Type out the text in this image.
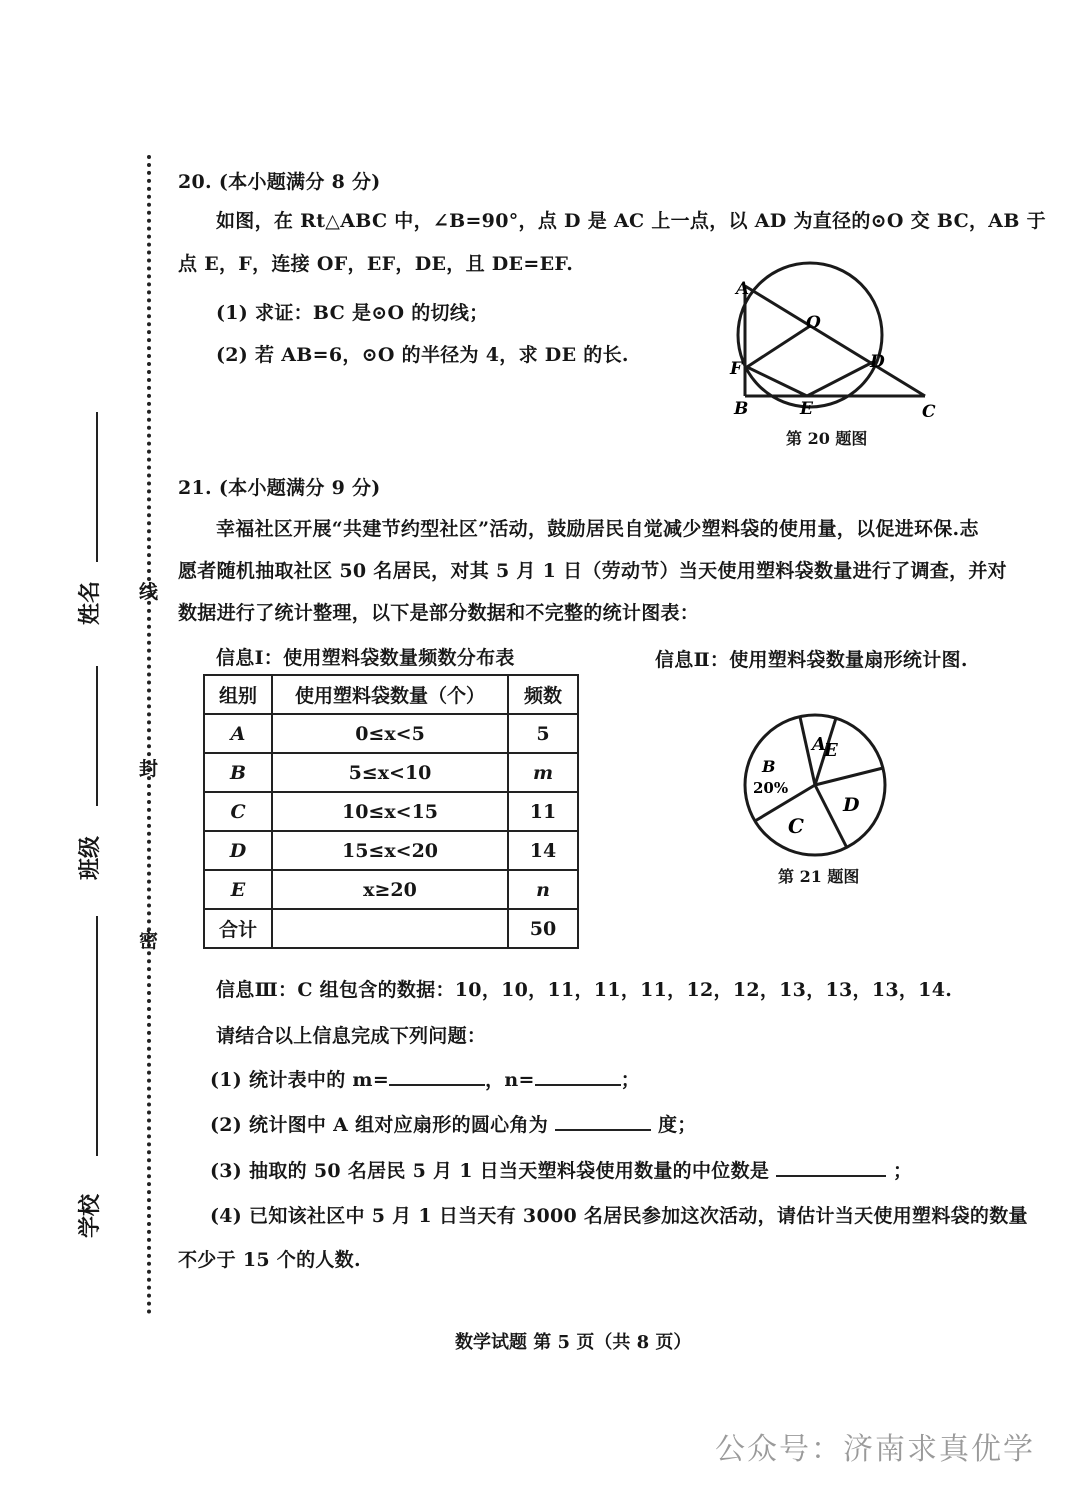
线
封
密
姓名
班级
学校
20. (本小题满分 8 分)
如图，在 Rt△ABC 中，∠B=90°，点 D 是 AC 上一点，以 AD 为直径的⊙O 交 BC，AB 于
点 E，F，连接 OF，EF，DE，且 DE=EF.
(1) 求证：BC 是⊙O 的切线；
(2) 若 AB=6，⊙O 的半径为 4，求 DE 的长.
A
O
F	D
B	E	C
第 20 题图
21. (本小题满分 9 分)
幸福社区开展“共建节约型社区”活动，鼓励居民自觉减少塑料袋的使用量，以促进环保.志
愿者随机抽取社区 50 名居民，对其 5 月 1 日（劳动节）当天使用塑料袋数量进行了调查，并对
数据进行了统计整理，以下是部分数据和不完整的统计图表：
信息Ⅰ：使用塑料袋数量频数分布表	信息Ⅱ：使用塑料袋数量扇形统计图.
组别	使用塑料袋数量（个）	频数
A	0≤x<5	5
B	5≤x<10	m
C	10≤x<15	11
D	15≤x<20	14
E	x≥20	n
合计		50
A
B
20%
C
D
E
第 21 题图
信息Ⅲ：C 组包含的数据：10，10，11，11，11，12，12，13，13，13，14.
请结合以上信息完成下列问题：
(1) 统计表中的 m=	，n=	；
(2) 统计图中 A 组对应扇形的圆心角为	度；
(3) 抽取的 50 名居民 5 月 1 日当天塑料袋使用数量的中位数是	；
(4) 已知该社区中 5 月 1 日当天有 3000 名居民参加这次活动，请估计当天使用塑料袋的数量
不少于 15 个的人数.
数学试题 第 5 页（共 8 页）
公众号：济南求真优学
